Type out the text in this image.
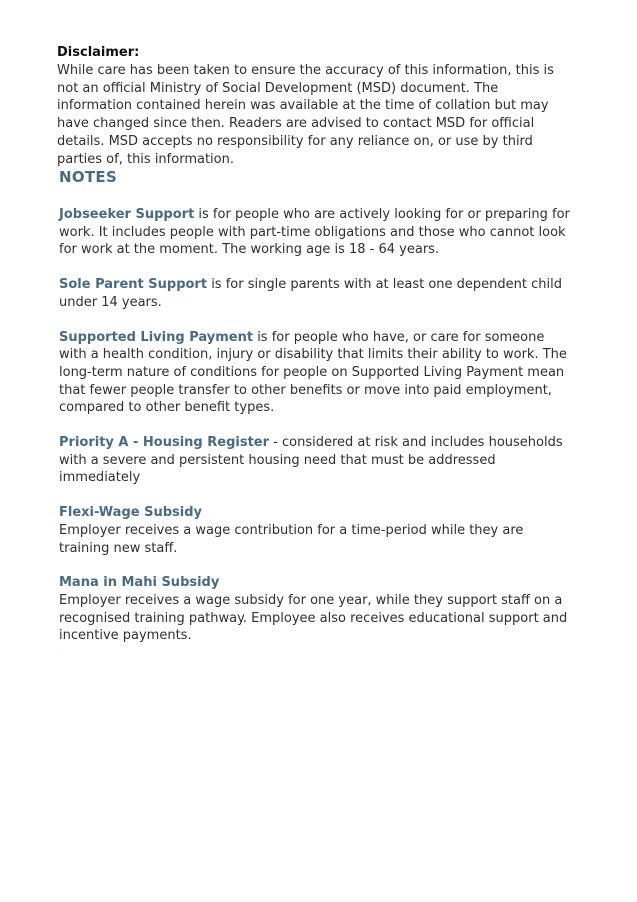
Disclaimer:

While care has been taken to ensure the accuracy of this information, this is not an official Ministry of Social Development (MSD) document. The information contained herein was available at the time of collation but may have changed since then. Readers are advised to contact MSD for official details. MSD accepts no responsibility for any reliance on, or use by third parties of, this information.

NOTES

Jobseeker Support is for people who are actively looking for or preparing for work. It includes people with part-time obligations and those who cannot look for work at the moment. The working age is 18 - 64 years.

Sole Parent Support is for single parents with at least one dependent child under 14 years.

Supported Living Payment is for people who have, or care for someone with a health condition, injury or disability that limits their ability to work. The long-term nature of conditions for people on Supported Living Payment mean that fewer people transfer to other benefits or move into paid employment, compared to other benefit types.

Priority A - Housing Register - considered at risk and includes households with a severe and persistent housing need that must be addressed immediately

Flexi-Wage Subsidy
Employer receives a wage contribution for a time-period while they are training new staff.

Mana in Mahi Subsidy
Employer receives a wage subsidy for one year, while they support staff on a recognised training pathway. Employee also receives educational support and incentive payments.

·
